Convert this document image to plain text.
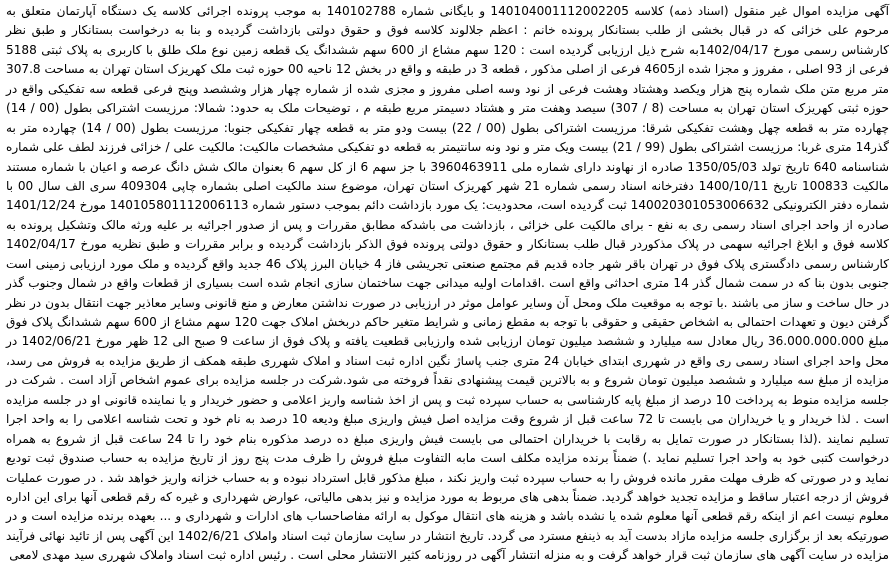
آگهی مزایده اموال غیر منقول (اسناد ذمه) کلاسه 140104001112002205 و بایگانی شماره 140102788 به موجب پرونده اجرائی کلاسه یک دستگاه آپارتمان متعلق به مرحوم علی خزائی که در قبال بخشی از طلب بستانکار پرونده خانم : اعظم جلالوند کلاسه فوق و حقوق دولتی بازداشت گردیده و بنا به درخواست بستانکار و طبق نظر کارشناس رسمی مورخ 1402/04/17به شرح ذیل ارزیابی گردیده است : 120 سهم مشاع از 600 سهم ششدانگ یک قطعه زمین نوع ملک طلق با کاربری به پلاک ثبتی 5188 فرعی از 93 اصلی ، مفروز و مجزا شده از4605 فرعی از اصلی مذکور ، قطعه 3 در طبقه و واقع در بخش 12 ناحیه 00 حوزه ثبت ملک کهریزک استان تهران به مساحت 307.8 متر مربع متن ملک شماره پنج هزار ویکصد وهشتاد وهشت فرعی از نود وسه اصلی مفروز و مجزی شده از شماره چهار هزار وششصد وپنج فرعی قطعه سه تفکیکی واقع در حوزه ثبتی کهریزک استان تهران به مساحت (8 / 307) سیصد وهفت متر و هشتاد دسیمتر مربع طبقه م ، توضیحات ملک به حدود: شمالا: مرزیست اشتراکی بطول (00 / 14) چهارده متر به قطعه چهل وهشت تفکیکی شرقا: مرزیست اشتراکی بطول (00 / 22) بیست ودو متر به قطعه چهار تفکیکی جنوبا: مرزیست بطول (00 / 14) چهارده متر به گذر14 متری غربا: مرزیست اشتراکی بطول (99 / 21) بیست ویک متر و نود ونه سانتیمتر به قطعه دو تفکیکی مشخصات مالکیت: مالکیت علی / خزائی فرزند لطف علی شماره شناسنامه 640 تاریخ تولد 1350/05/03 صادره از نهاوند دارای شماره ملی 3960463911 با جز سهم 6 از کل سهم 6 بعنوان مالک شش دانگ عرصه و اعیان با شماره مستند مالکیت 100833 تاریخ 1400/10/11 دفترخانه اسناد رسمی شماره 21 شهر کهریزک استان تهران، موضوع سند مالکیت اصلی بشماره چاپی 409304 سری الف سال 00 با شماره دفتر الکترونیکی 140020301053006632 ثبت گردیده است، محدودیت: یک مورد بازداشت دائم بموجب دستور شماره 140105801112006113 مورخ 1401/12/24 صادره از واحد اجرای اسناد رسمی ری به نفع - برای مالکیت علی خزائی ، بازداشت می باشدکه مطابق مقررات و پس از صدور اجرائیه بر علیه ورثه مالک وتشکیل پرونده به کلاسه فوق و ابلاغ اجرائیه سهمی در پلاک مذکوردر قبال طلب بستانکار و حقوق دولتی پرونده فوق الذکر بازداشت گردیده و برابر مقررات و طبق نظریه مورخ 1402/04/17 کارشناس رسمی دادگستری پلاک فوق در تهران باقر شهر جاده قدیم قم مجتمع صنعتی تجریشی فاز 4 خیابان البرز پلاک 46 جدید واقع گردیده و ملک مورد ارزیابی زمینی است جنوبی بدون بنا که در سمت شمال گذر 14 متری احداثی واقع است .اقدامات اولیه میدانی جهت ساختمان سازی انجام شده است بسیاری از قطعات واقع در شمال وجنوب گذر در حال ساخت و ساز می باشند .با توجه به موقعیت ملک ومحل آن وسایر عوامل موثر در ارزیابی در صورت نداشتن معارض و منع قانونی وسایر معاذیر جهت انتقال بدون در نظر گرفتن دیون و تعهدات احتمالی به اشخاص حقیقی و حقوقی با توجه به مقطع زمانی و شرایط متغیر حاکم دربخش املاک جهت 120 سهم مشاع از 600 سهم ششدانگ پلاک فوق مبلغ 36.000.000.000 ریال معادل سه میلیارد و ششصد میلیون تومان ارزیابی شده وارزیابی قطعیت یافته و پلاک فوق از ساعت 9 صبح الی 12 ظهر مورخ 1402/06/21 در محل واحد اجرای اسناد رسمی ری واقع در شهرری ابتدای خیابان 24 متری جنب پاساژ نگین اداره ثبت اسناد و املاک شهرری طبقه همکف از طریق مزایده به فروش می رسد، مزایده از مبلغ سه میلیارد و ششصد میلیون تومان شروع و به بالاترین قیمت پیشنهادی نقداً فروخته می شود.شرکت در جلسه مزایده برای عموم اشخاص آزاد است . شرکت در جلسه مزایده منوط به پرداخت 10 درصد از مبلغ پایه کارشناسی به حساب سپرده ثبت و پس از اخذ شناسه واریز اعلامی و حضور خریدار و یا نماینده قانونی او در جلسه مزایده است . لذا خریدار و یا خریداران می بایست تا 72 ساعت قبل از شروع وقت مزایده اصل فیش واریزی مبلغ ودیعه 10 درصد به نام خود و تحت شناسه اعلامی را به واحد اجرا تسلیم نمایند .(لذا بستانکار در صورت تمایل به رقابت با خریداران احتمالی می بایست فیش واریزی مبلغ ده درصد مذکوره بنام خود را تا 24 ساعت قبل از شروع به همراه درخواست کتبی خود به واحد اجرا تسلیم نماید .) ضمناً برنده مزایده مکلف است مابه التفاوت مبلغ فروش را ظرف مدت پنج روز از تاریخ مزایده به حساب صندوق ثبت تودیع نماید و در صورتی که ظرف مهلت مقرر مانده فروش را به حساب سپرده ثبت واریز نکند ، مبلغ مذکور قابل استرداد نبوده و به حساب خزانه واریز خواهد شد . در صورت عملیات فروش از درجه اعتبار ساقط و مزایده تجدید خواهد گردید. ضمناً بدهی های مربوط به مورد مزایده و نیز بدهی مالیاتی، عوارض شهرداری و غیره که رقم قطعی آنها برای این اداره معلوم نیست اعم از اینکه رقم قطعی آنها معلوم شده یا نشده باشد و هزینه های انتقال موکول به ارائه مفاصاحساب های ادارات و شهرداری و ... بعهده برنده مزایده است و در صورتیکه بعد از برگزاری جلسه مزایده مازاد بدست آید به ذینفع مسترد می گردد. تاریخ انتشار در سایت سازمان ثبت اسناد واملاک 1402/6/21 این آگهی پس از تائید نهائی فرآیند مزایده در سایت آگهی های سازمان ثبت قرار خواهد گرفت و به منزله انتشار آگهی در روزنامه کثیر الانتشار محلی است . رئیس اداره ثبت اسناد واملاک شهرری سید مهدی لامعی
